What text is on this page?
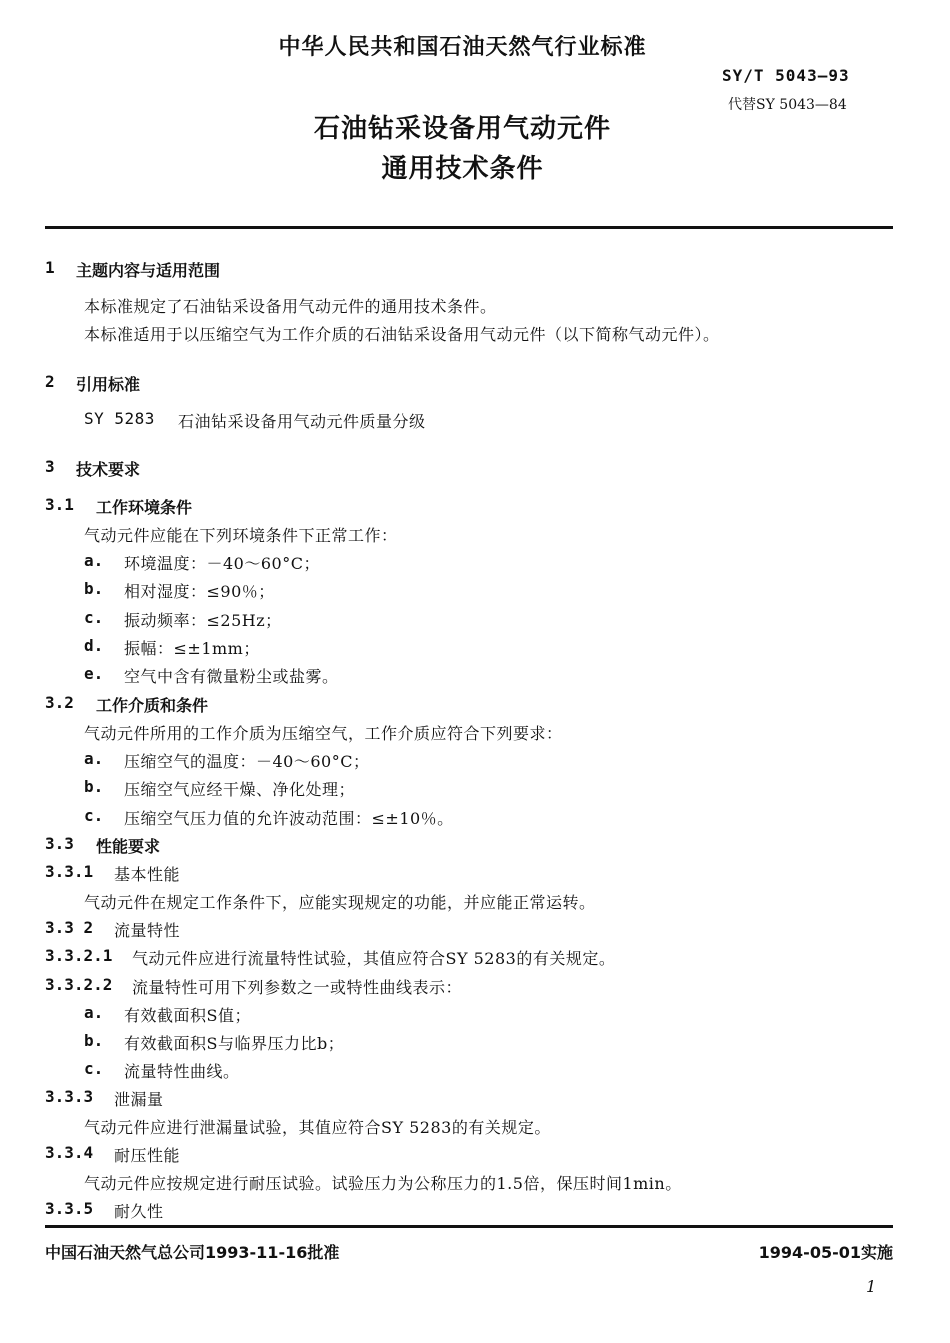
中华人民共和国石油天然气行业标准
SY/T 5043—93
代替SY 5043—84
石油钻采设备用气动元件
通用技术条件
1 主题内容与适用范围
本标准规定了石油钻采设备用气动元件的通用技术条件。
本标准适用于以压缩空气为工作介质的石油钻采设备用气动元件（以下简称气动元件）。
2 引用标准
SY 5283 石油钻采设备用气动元件质量分级
3 技术要求
3.1 工作环境条件
气动元件应能在下列环境条件下正常工作：
a. 环境温度：－40～60°C；
b. 相对湿度：≤90％；
c. 振动频率：≤25Hz；
d. 振幅：≤±1mm；
e. 空气中含有微量粉尘或盐雾。
3.2 工作介质和条件
气动元件所用的工作介质为压缩空气，工作介质应符合下列要求：
a. 压缩空气的温度：－40～60°C；
b. 压缩空气应经干燥、净化处理；
c. 压缩空气压力值的允许波动范围：≤±10％。
3.3 性能要求
3.3.1 基本性能
气动元件在规定工作条件下，应能实现规定的功能，并应能正常运转。
3.3 2 流量特性
3.3.2.1 气动元件应进行流量特性试验，其值应符合SY 5283的有关规定。
3.3.2.2 流量特性可用下列参数之一或特性曲线表示：
a. 有效截面积S值；
b. 有效截面积S与临界压力比b；
c. 流量特性曲线。
3.3.3 泄漏量
气动元件应进行泄漏量试验，其值应符合SY 5283的有关规定。
3.3.4 耐压性能
气动元件应按规定进行耐压试验。试验压力为公称压力的1.5倍，保压时间1min。
3.3.5 耐久性
中国石油天然气总公司1993-11-16批准	1994-05-01实施
1
